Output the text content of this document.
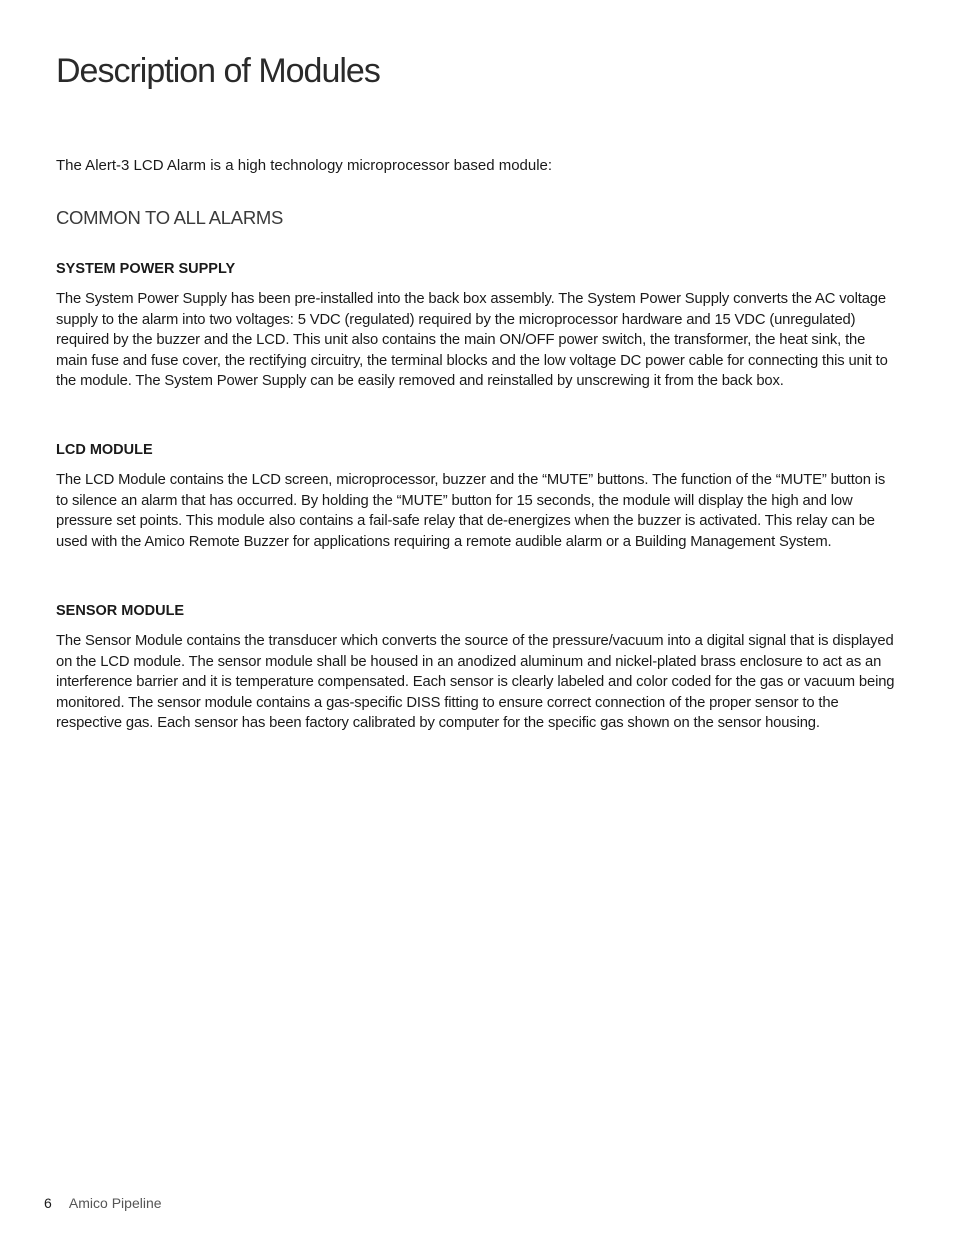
Description of Modules

The Alert-3 LCD Alarm is a high technology microprocessor based module:

COMMON TO ALL ALARMS
SYSTEM POWER SUPPLY

The System Power Supply has been pre-installed into the back box assembly. The System Power Supply converts the AC voltage supply to the alarm into two voltages: 5 VDC (regulated) required by the microprocessor hardware and 15 VDC (unregulated) required by the buzzer and the LCD. This unit also contains the main ON/OFF power switch, the transformer, the heat sink, the main fuse and fuse cover, the rectifying circuitry, the terminal blocks and the low voltage DC power cable for connecting this unit to the module. The System Power Supply can be easily removed and reinstalled by unscrewing it from the back box.

LCD MODULE

The LCD Module contains the LCD screen, microprocessor, buzzer and the “MUTE” buttons. The function of the “MUTE” button is to silence an alarm that has occurred. By holding the “MUTE” button for 15 seconds, the module will display the high and low pressure set points. This module also contains a fail-safe relay that de-energizes when the buzzer is activated. This relay can be used with the Amico Remote Buzzer for applications requiring a remote audible alarm or a Building Management System.

SENSOR MODULE

The Sensor Module contains the transducer which converts the source of the pressure/vacuum into a digital signal that is displayed on the LCD module. The sensor module shall be housed in an anodized aluminum and nickel-plated brass enclosure to act as an interference barrier and it is temperature compensated. Each sensor is clearly labeled and color coded for the gas or vacuum being monitored. The sensor module contains a gas-specific DISS fitting to ensure correct connection of the proper sensor to the respective gas. Each sensor has been factory calibrated by computer for the specific gas shown on the sensor housing.

6 Amico Pipeline
